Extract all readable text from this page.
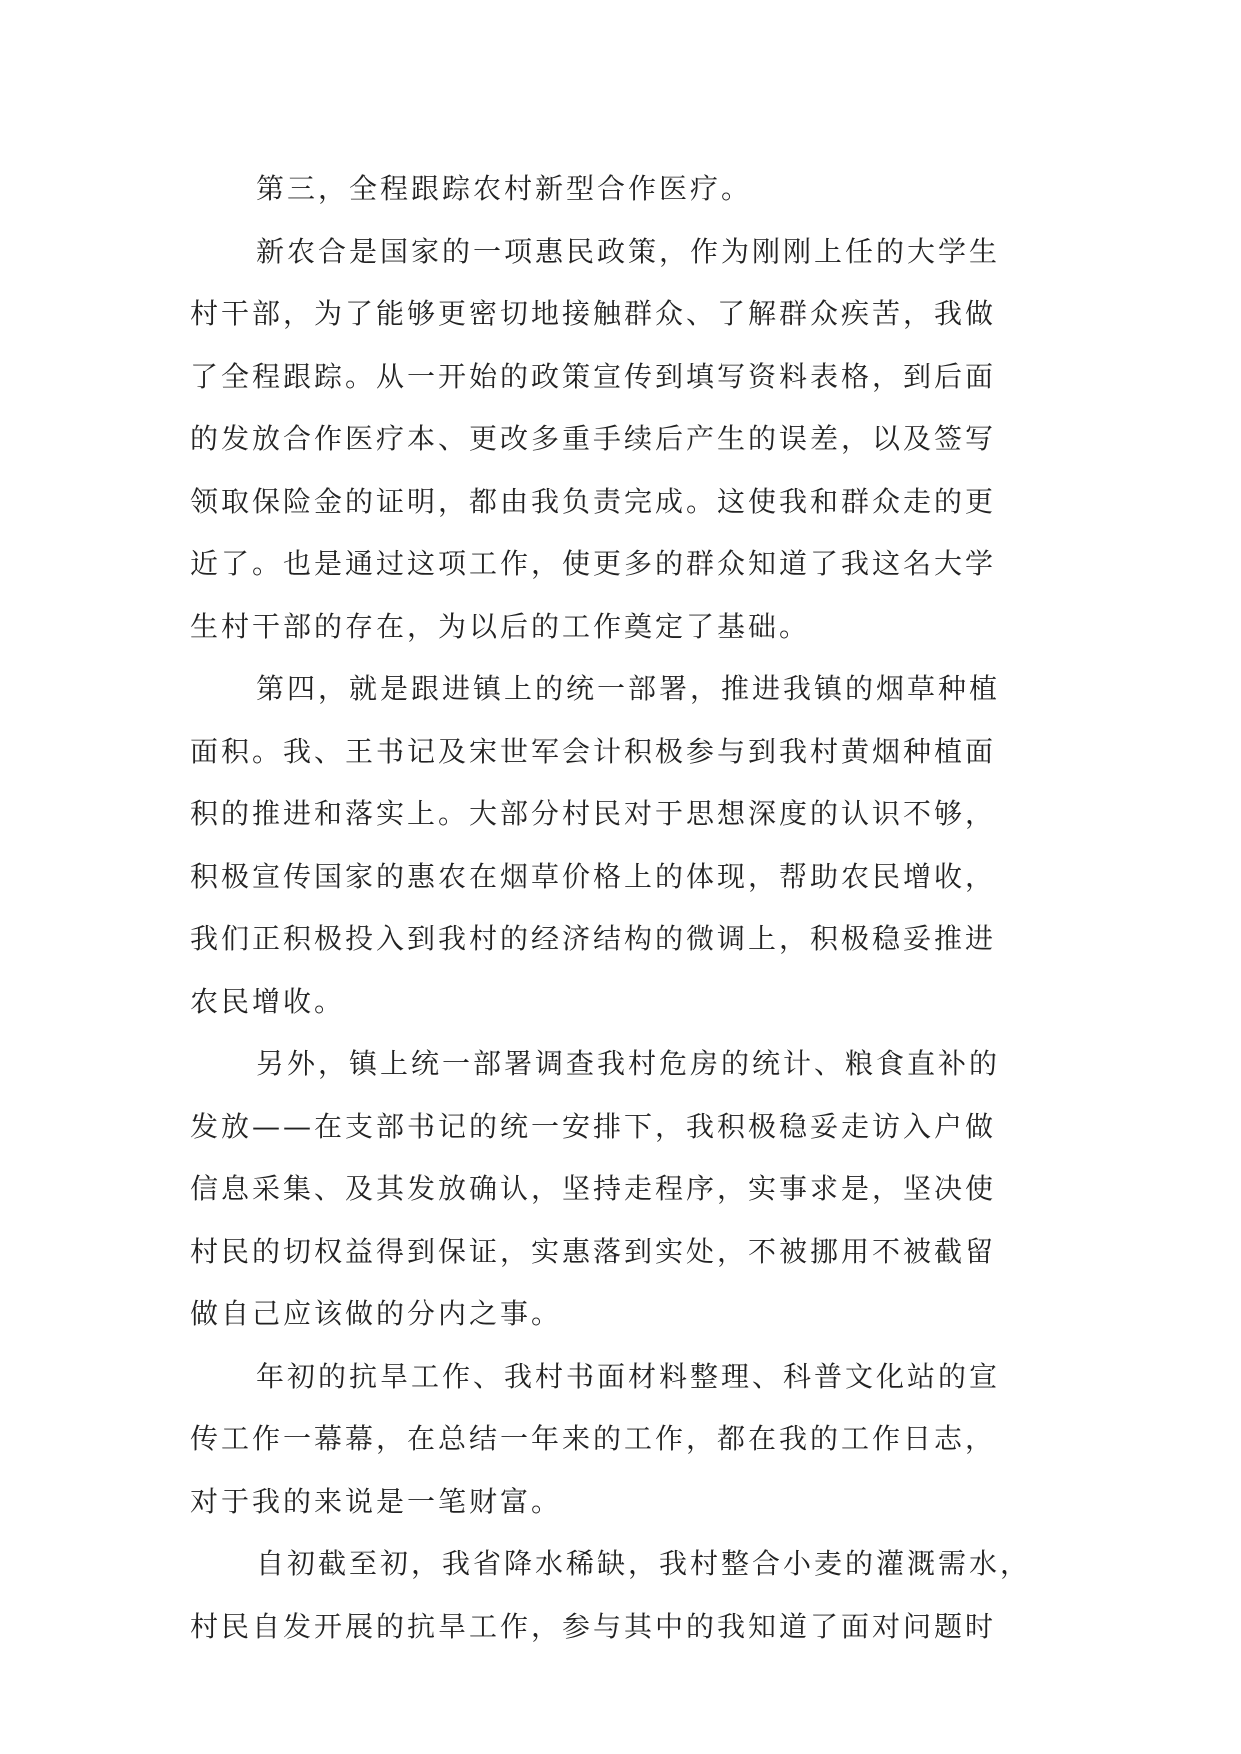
第三，全程跟踪农村新型合作医疗。
新农合是国家的一项惠民政策，作为刚刚上任的大学生
村干部，为了能够更密切地接触群众、了解群众疾苦，我做
了全程跟踪。从一开始的政策宣传到填写资料表格，到后面
的发放合作医疗本、更改多重手续后产生的误差，以及签写
领取保险金的证明，都由我负责完成。这使我和群众走的更
近了。也是通过这项工作，使更多的群众知道了我这名大学
生村干部的存在，为以后的工作奠定了基础。
第四，就是跟进镇上的统一部署，推进我镇的烟草种植
面积。我、王书记及宋世军会计积极参与到我村黄烟种植面
积的推进和落实上。大部分村民对于思想深度的认识不够，
积极宣传国家的惠农在烟草价格上的体现，帮助农民增收，
我们正积极投入到我村的经济结构的微调上，积极稳妥推进
农民增收。
另外，镇上统一部署调查我村危房的统计、粮食直补的
发放——在支部书记的统一安排下，我积极稳妥走访入户做
信息采集、及其发放确认，坚持走程序，实事求是，坚决使
村民的切权益得到保证，实惠落到实处，不被挪用不被截留
做自己应该做的分内之事。
年初的抗旱工作、我村书面材料整理、科普文化站的宣
传工作一幕幕，在总结一年来的工作，都在我的工作日志，
对于我的来说是一笔财富。
自初截至初，我省降水稀缺，我村整合小麦的灌溉需水，
村民自发开展的抗旱工作，参与其中的我知道了面对问题时
